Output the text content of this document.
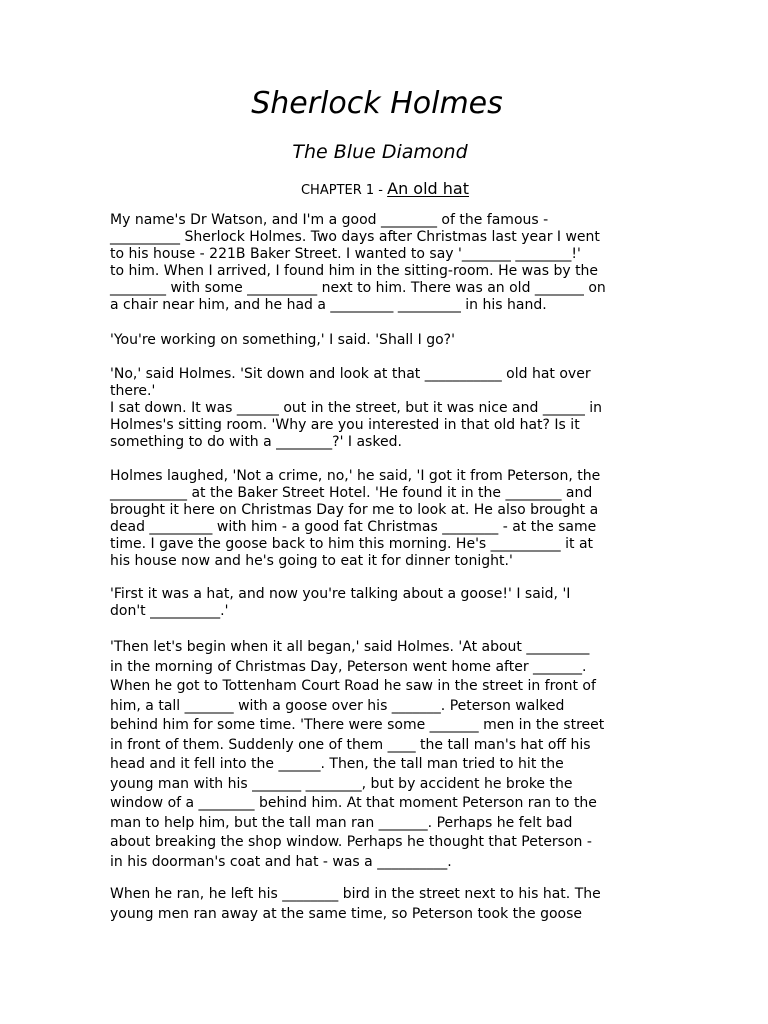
Sherlock Holmes
The Blue Diamond
CHAPTER 1 - An old hat

My name's Dr Watson, and I'm a good ________ of the famous -
__________ Sherlock Holmes. Two days after Christmas last year I went
to his house - 221B Baker Street. I wanted to say '_______ ________!'
to him. When I arrived, I found him in the sitting-room. He was by the
________ with some __________ next to him. There was an old _______ on
a chair near him, and he had a _________ _________ in his hand.

'You're working on something,' I said. 'Shall I go?'

'No,' said Holmes. 'Sit down and look at that ___________ old hat over
there.'
I sat down. It was ______ out in the street, but it was nice and ______ in
Holmes's sitting room. 'Why are you interested in that old hat? Is it
something to do with a ________?' I asked.

Holmes laughed, 'Not a crime, no,' he said, 'I got it from Peterson, the
___________ at the Baker Street Hotel. 'He found it in the ________ and
brought it here on Christmas Day for me to look at. He also brought a
dead _________ with him - a good fat Christmas ________ - at the same
time. I gave the goose back to him this morning. He's __________ it at
his house now and he's going to eat it for dinner tonight.'

'First it was a hat, and now you're talking about a goose!' I said, 'I
don't __________.'

'Then let's begin when it all began,' said Holmes. 'At about _________
in the morning of Christmas Day, Peterson went home after _______.
When he got to Tottenham Court Road he saw in the street in front of
him, a tall _______ with a goose over his _______. Peterson walked
behind him for some time. 'There were some _______ men in the street
in front of them. Suddenly one of them ____ the tall man's hat off his
head and it fell into the ______. Then, the tall man tried to hit the
young man with his _______ ________, but by accident he broke the
window of a ________ behind him. At that moment Peterson ran to the
man to help him, but the tall man ran _______. Perhaps he felt bad
about breaking the shop window. Perhaps he thought that Peterson -
in his doorman's coat and hat - was a __________.

When he ran, he left his ________ bird in the street next to his hat. The
young men ran away at the same time, so Peterson took the goose
